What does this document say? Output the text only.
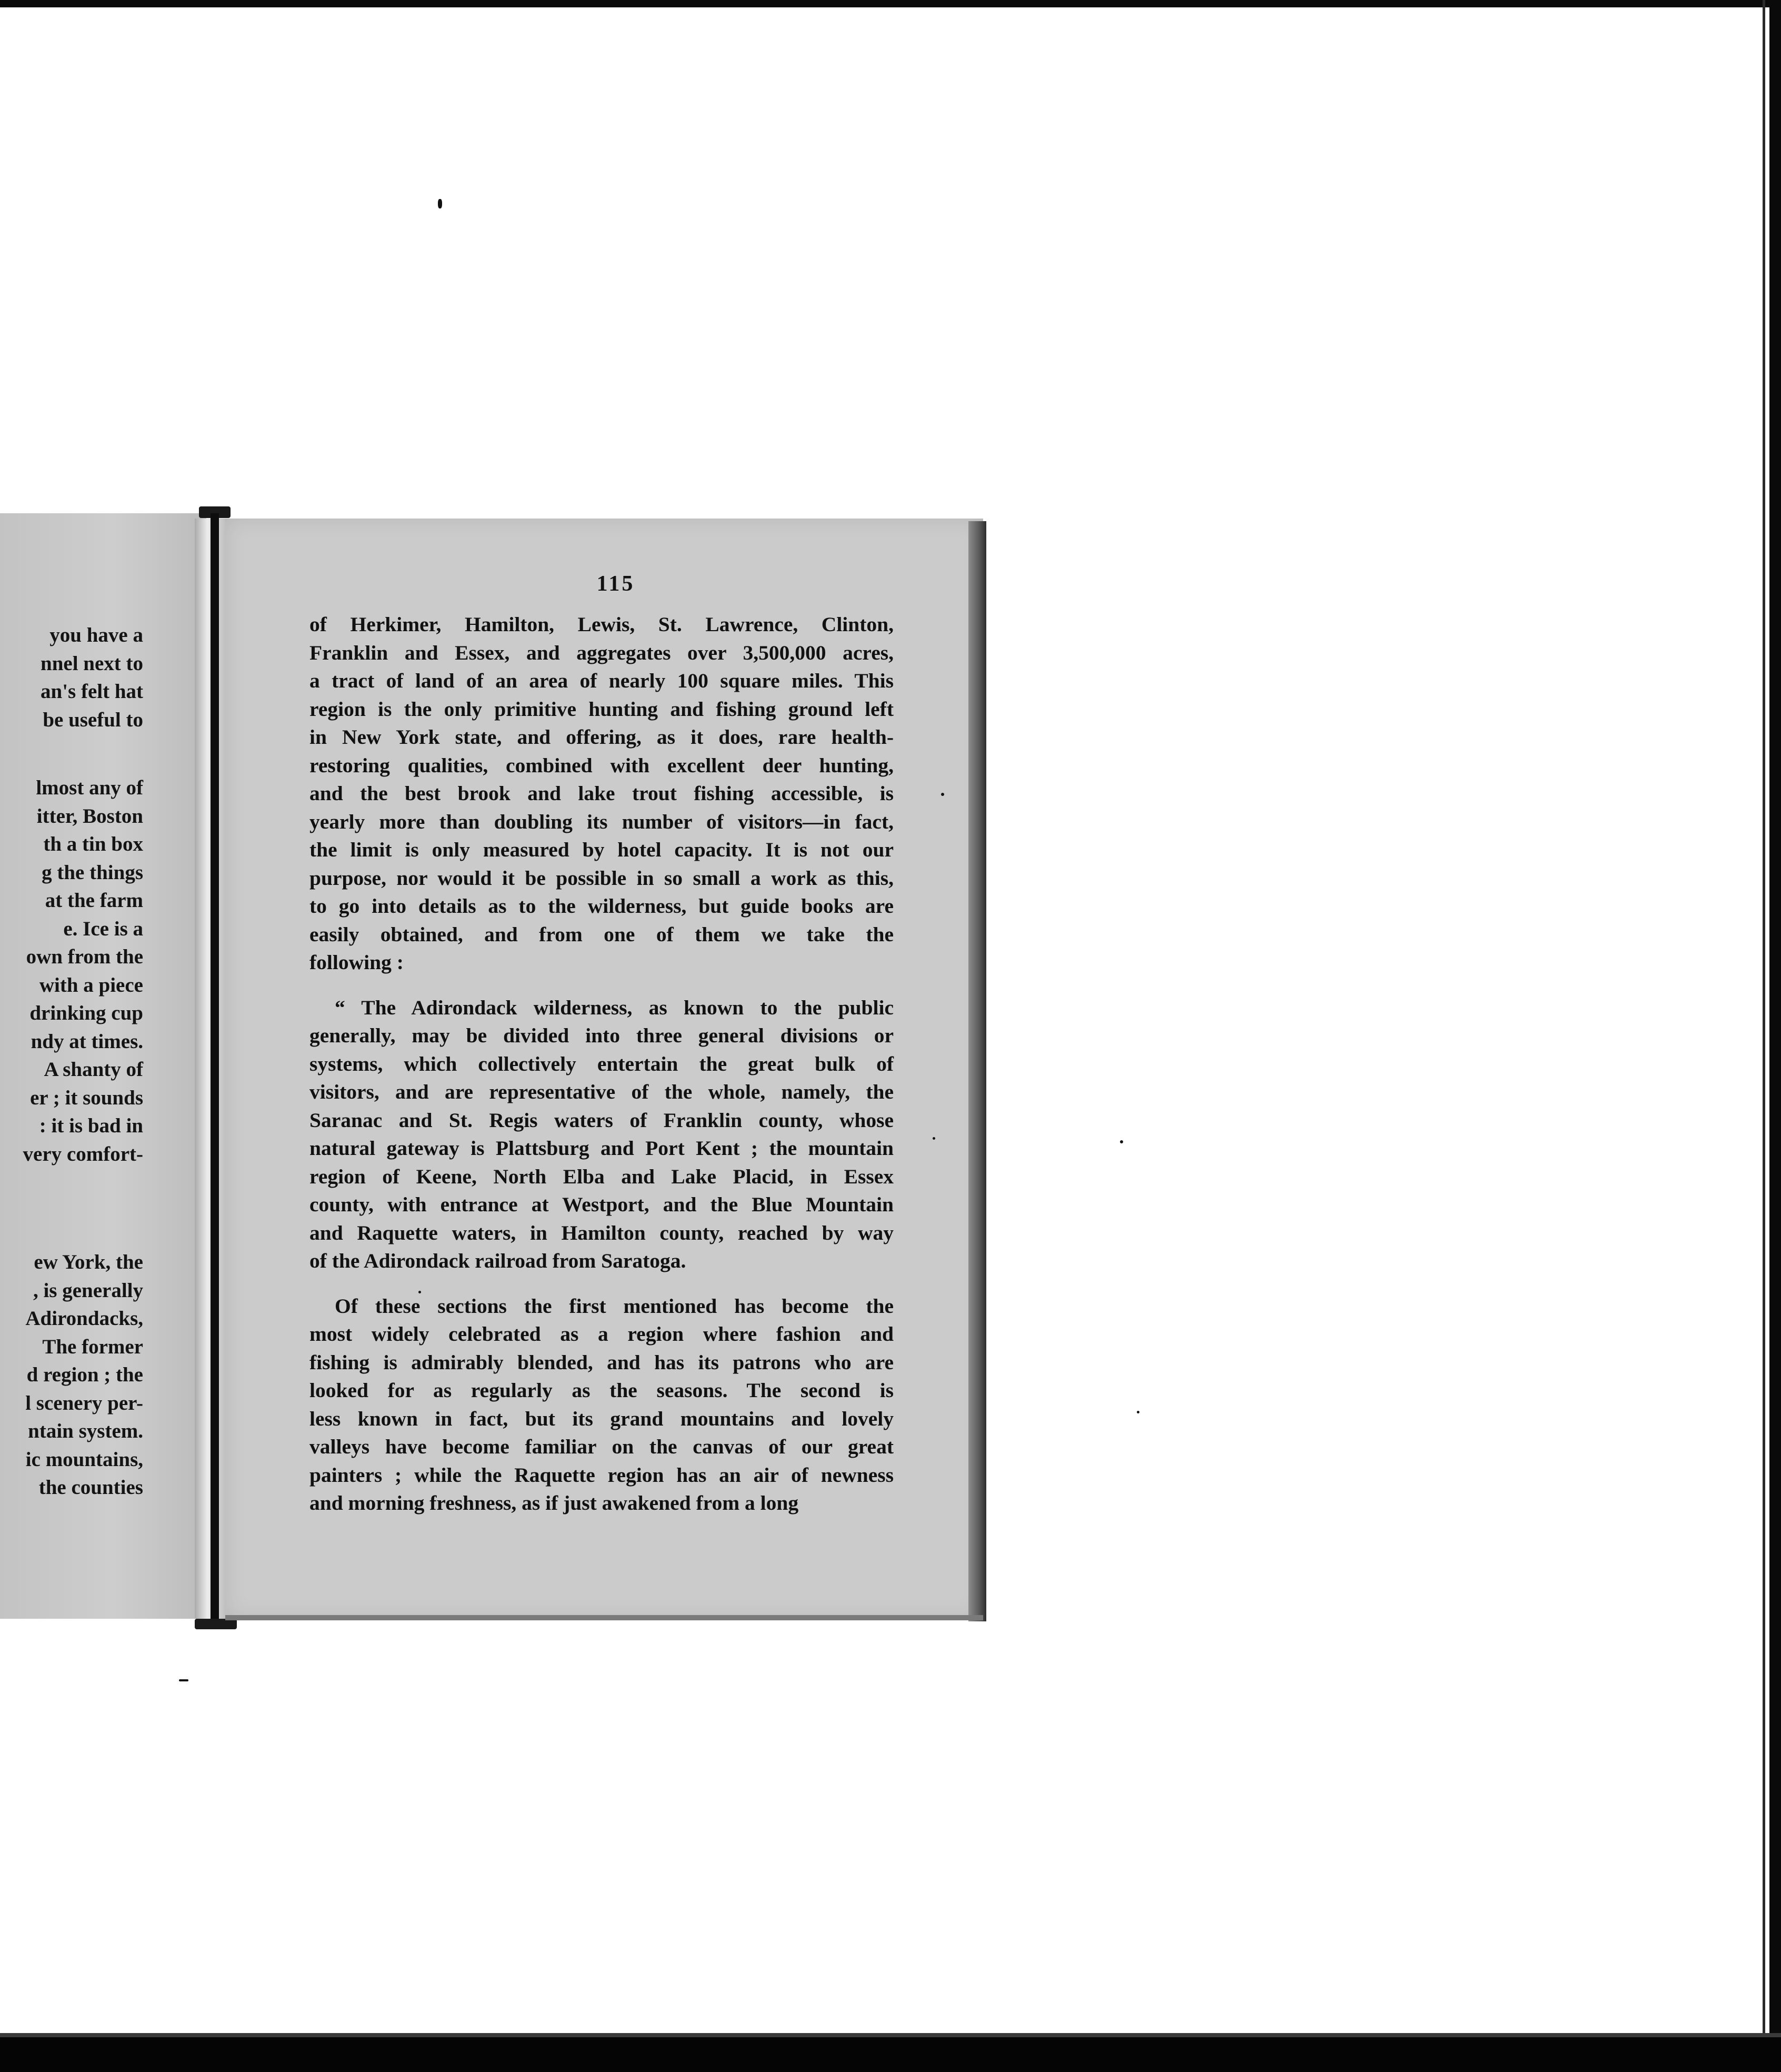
you have a
nnel next to
an's felt hat
be useful to
lmost any of
itter, Boston
th a tin box
g the things
at the farm
e. Ice is a
own from the
with a piece
drinking cup
ndy at times.
A shanty of
er ; it sounds
: it is bad in
very comfort-
ew York, the
, is generally
Adirondacks,
The former
d region ; the
l scenery per-
ntain system.
ic mountains,
the counties
115

of Herkimer, Hamilton, Lewis, St. Lawrence, Clinton,
Franklin and Essex, and aggregates over 3,500,000 acres,
a tract of land of an area of nearly 100 square miles. This
region is the only primitive hunting and fishing ground left
in New York state, and offering, as it does, rare health-
restoring qualities, combined with excellent deer hunting,
and the best brook and lake trout fishing accessible, is
yearly more than doubling its number of visitors—in fact,
the limit is only measured by hotel capacity. It is not our
purpose, nor would it be possible in so small a work as this,
to go into details as to the wilderness, but guide books are
easily obtained, and from one of them we take the
following :

“ The Adirondack wilderness, as known to the public
generally, may be divided into three general divisions or
systems, which collectively entertain the great bulk of
visitors, and are representative of the whole, namely, the
Saranac and St. Regis waters of Franklin county, whose
natural gateway is Plattsburg and Port Kent ; the mountain
region of Keene, North Elba and Lake Placid, in Essex
county, with entrance at Westport, and the Blue Mountain
and Raquette waters, in Hamilton county, reached by way
of the Adirondack railroad from Saratoga.

Of these sections the first mentioned has become the
most widely celebrated as a region where fashion and
fishing is admirably blended, and has its patrons who are
looked for as regularly as the seasons. The second is
less known in fact, but its grand mountains and lovely
valleys have become familiar on the canvas of our great
painters ; while the Raquette region has an air of newness
and morning freshness, as if just awakened from a long
